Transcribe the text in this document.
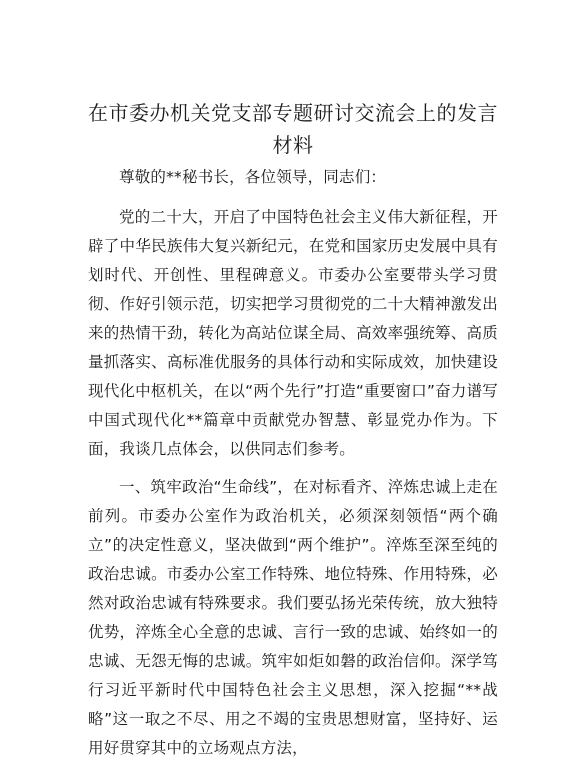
在市委办机关党支部专题研讨交流会上的发言材料

尊敬的**秘书长，各位领导，同志们：

党的二十大，开启了中国特色社会主义伟大新征程，开辟了中华民族伟大复兴新纪元，在党和国家历史发展中具有划时代、开创性、里程碑意义。市委办公室要带头学习贯彻、作好引领示范，切实把学习贯彻党的二十大精神激发出来的热情干劲，转化为高站位谋全局、高效率强统筹、高质量抓落实、高标准优服务的具体行动和实际成效，加快建设现代化中枢机关，在以“两个先行”打造“重要窗口”奋力谱写中国式现代化**篇章中贡献党办智慧、彰显党办作为。下面，我谈几点体会，以供同志们参考。

一、筑牢政治“生命线”，在对标看齐、淬炼忠诚上走在前列。市委办公室作为政治机关，必须深刻领悟“两个确立”的决定性意义，坚决做到“两个维护”。淬炼至深至纯的政治忠诚。市委办公室工作特殊、地位特殊、作用特殊，必然对政治忠诚有特殊要求。我们要弘扬光荣传统，放大独特优势，淬炼全心全意的忠诚、言行一致的忠诚、始终如一的忠诚、无怨无悔的忠诚。筑牢如炬如磐的政治信仰。深学笃行习近平新时代中国特色社会主义思想，深入挖掘“**战略”这一取之不尽、用之不竭的宝贵思想财富，坚持好、运用好贯穿其中的立场观点方法，
